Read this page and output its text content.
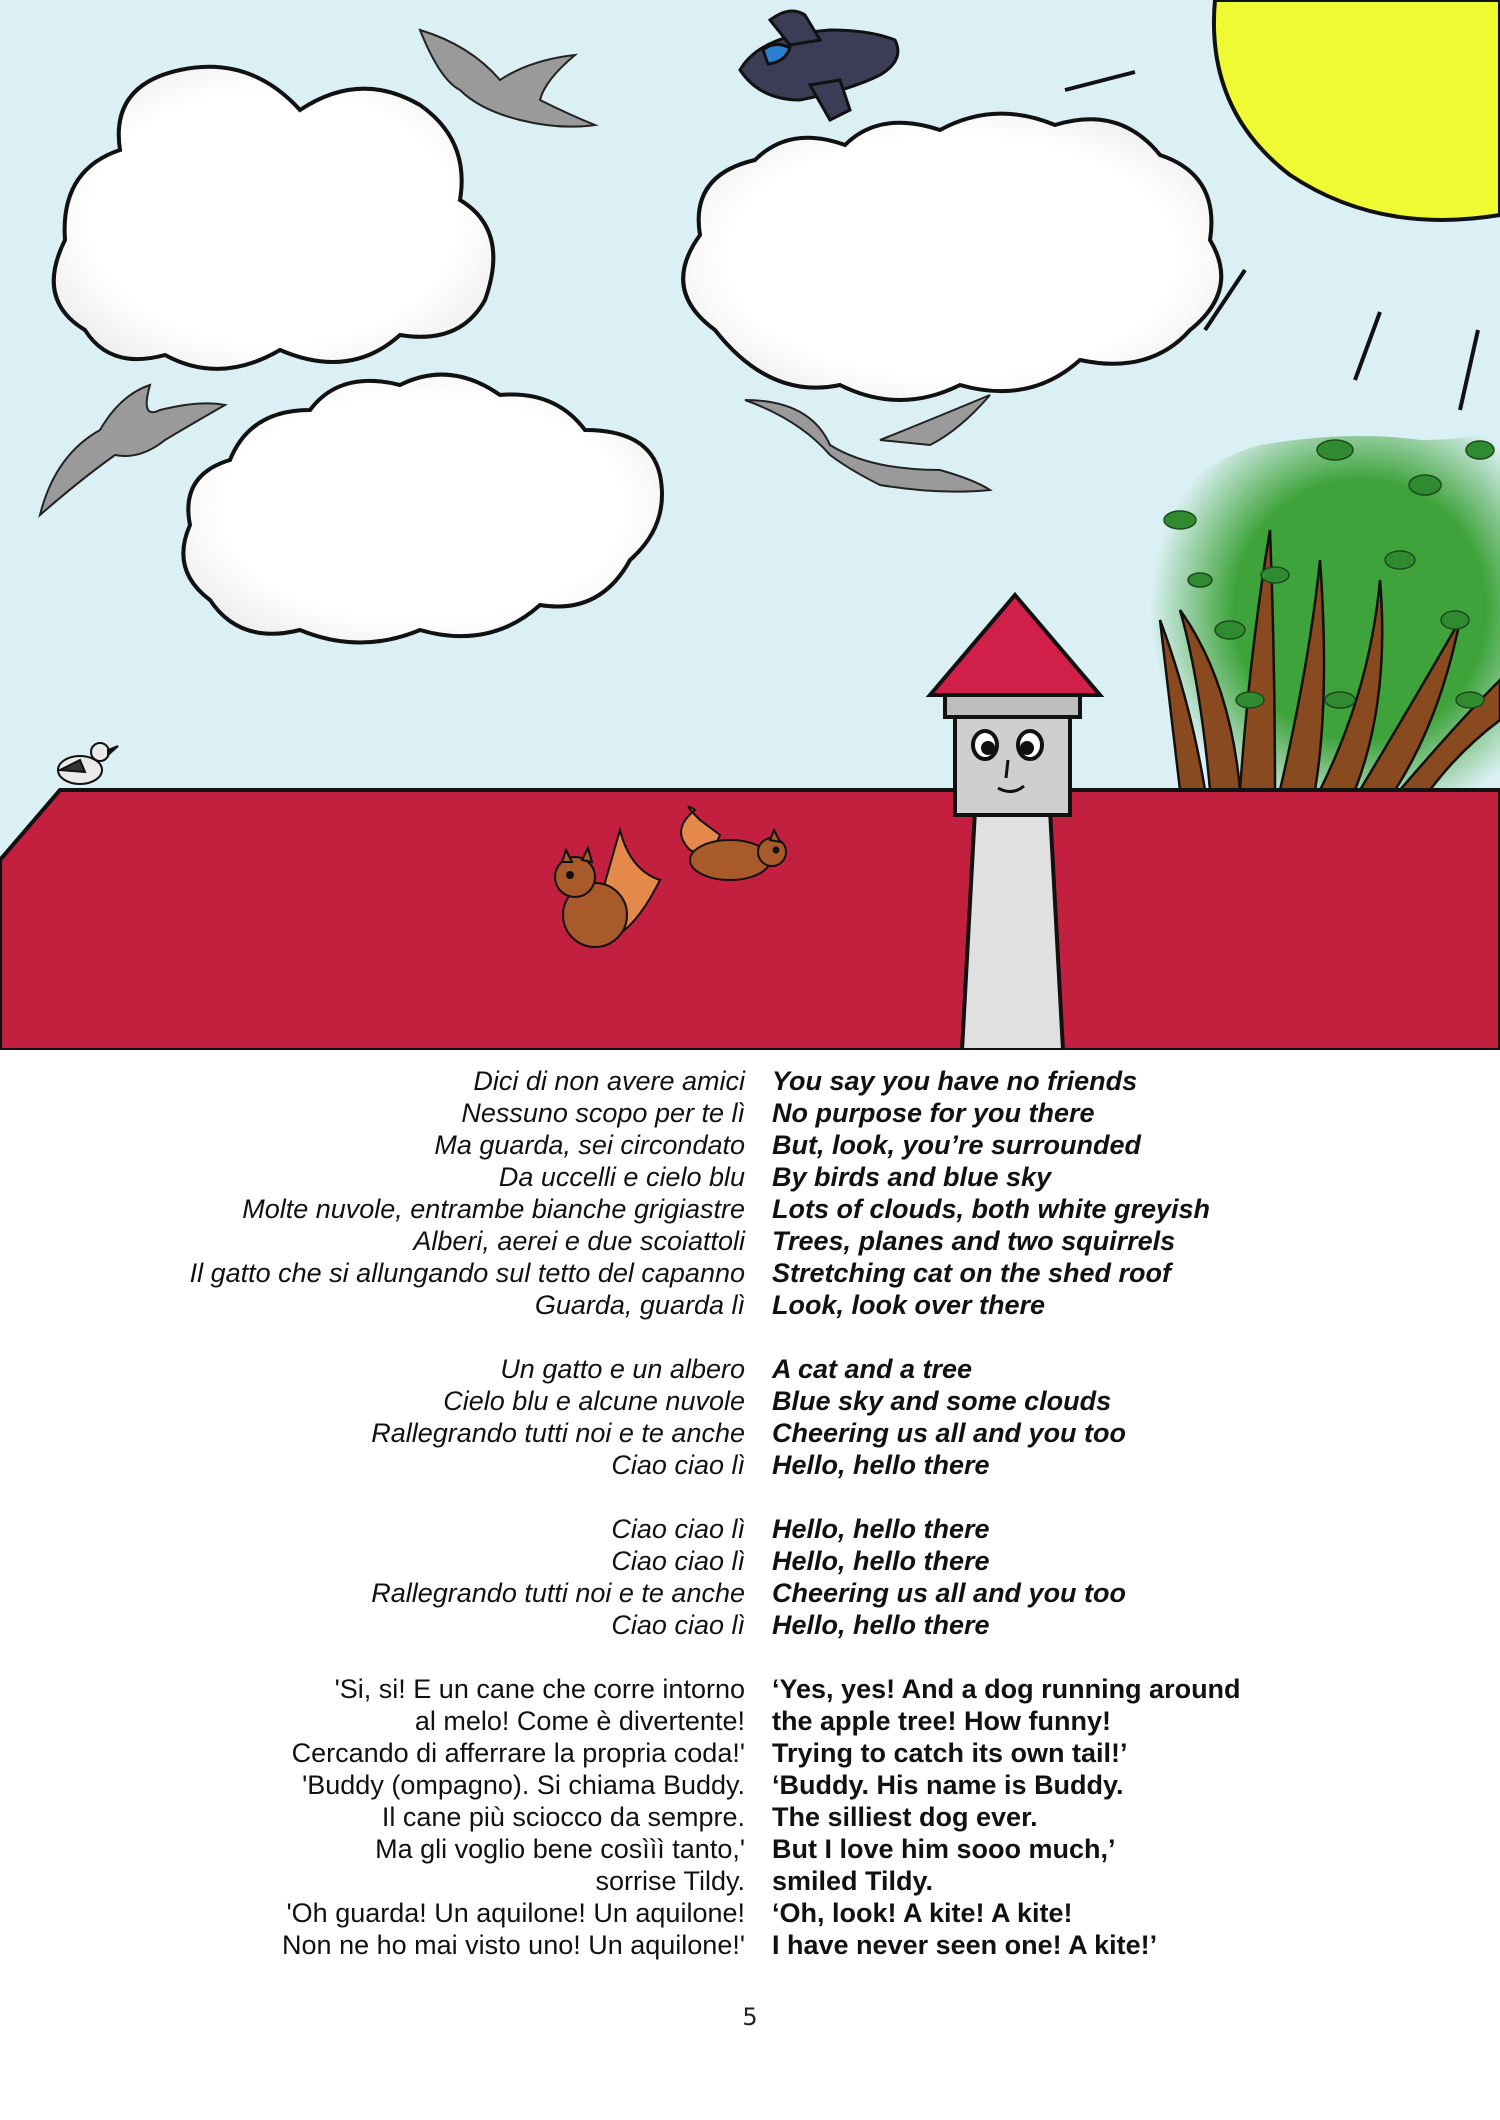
Dici di non avere amici You say you have no friends
Nessuno scopo per te lì No purpose for you there
Ma guarda, sei circondato But, look, you’re surrounded
Da uccelli e cielo blu By birds and blue sky
Molte nuvole, entrambe bianche grigiastre Lots of clouds, both white greyish
Alberi, aerei e due scoiattoli Trees, planes and two squirrels
Il gatto che si allungando sul tetto del capanno Stretching cat on the shed roof
Guarda, guarda lì Look, look over there
Un gatto e un albero A cat and a tree
Cielo blu e alcune nuvole Blue sky and some clouds
Rallegrando tutti noi e te anche Cheering us all and you too
Ciao ciao lì Hello, hello there
Ciao ciao lì Hello, hello there
Ciao ciao lì Hello, hello there
Rallegrando tutti noi e te anche Cheering us all and you too
Ciao ciao lì Hello, hello there
'Si, si! E un cane che corre intorno ‘Yes, yes! And a dog running around
al melo! Come è divertente! the apple tree! How funny!
Cercando di afferrare la propria coda!' Trying to catch its own tail!’
'Buddy (ompagno). Si chiama Buddy. ‘Buddy. His name is Buddy.
Il cane più sciocco da sempre. The silliest dog ever.
Ma gli voglio bene cosììì tanto,' But I love him sooo much,’
sorrise Tildy. smiled Tildy.
'Oh guarda! Un aquilone! Un aquilone! ‘Oh, look! A kite! A kite!
Non ne ho mai visto uno! Un aquilone!' I have never seen one! A kite!’
5
